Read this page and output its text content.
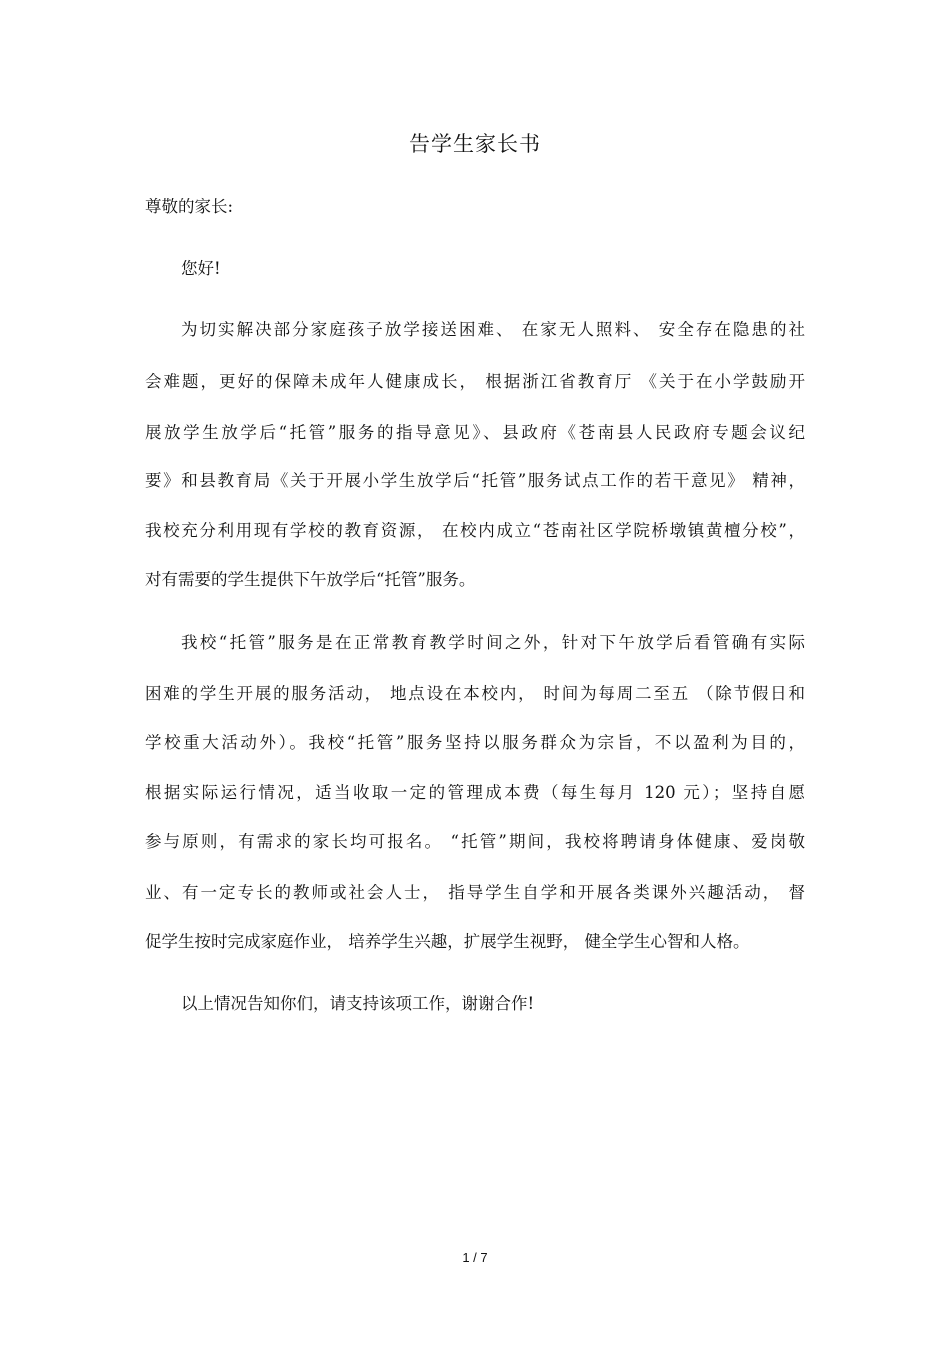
告学生家长书
尊敬的家长:
您好!
为切实解决部分家庭孩子放学接送困难、 在家无人照料、 安全存在隐患的社
会难题，更好的保障未成年人健康成长， 根据浙江省教育厅 《关于在小学鼓励开
展放学生放学后“托管”服务的指导意见》、县政府《苍南县人民政府专题会议纪
要》和县教育局《关于开展小学生放学后“托管”服务试点工作的若干意见》 精神，
我校充分利用现有学校的教育资源， 在校内成立“苍南社区学院桥墩镇黄檀分校”，
对有需要的学生提供下午放学后“托管”服务。
我校“托管”服务是在正常教育教学时间之外，针对下午放学后看管确有实际
困难的学生开展的服务活动， 地点设在本校内， 时间为每周二至五 （除节假日和
学校重大活动外）。我校“托管”服务坚持以服务群众为宗旨，不以盈利为目的，
根据实际运行情况，适当收取一定的管理成本费（每生每月 120 元）；坚持自愿
参与原则，有需求的家长均可报名。 “托管”期间，我校将聘请身体健康、爱岗敬
业、有一定专长的教师或社会人士， 指导学生自学和开展各类课外兴趣活动， 督
促学生按时完成家庭作业， 培养学生兴趣，扩展学生视野， 健全学生心智和人格。
以上情况告知你们，请支持该项工作，谢谢合作!
1 / 7
